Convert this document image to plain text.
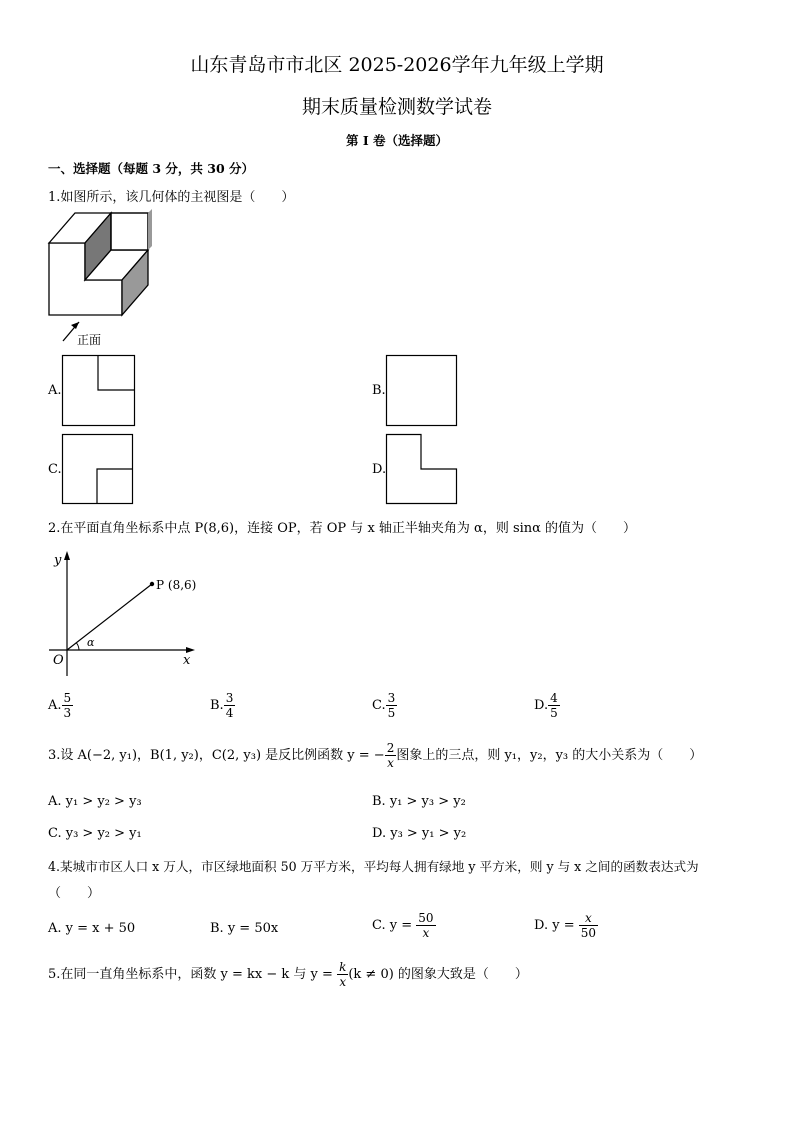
山东青岛市市北区 2025-2026学年九年级上学期
期末质量检测数学试卷
第 I 卷（选择题）
一、选择题（每题 3 分，共 30 分）
1.如图所示，该几何体的主视图是（　　）
正面
A.	B.
C.	D.
2.在平面直角坐标系中点 P(8,6)，连接 OP，若 OP 与 x 轴正半轴夹角为 α，则 sinα 的值为（　　）
y
x
O
P (8,6)
α
A. $\frac{5}{3}$	B. $\frac{3}{4}$	C. $\frac{3}{5}$	D. $\frac{4}{5}$
3.设 A(−2, y₁)，B(1, y₂)，C(2, y₃) 是反比例函数 y = − $\frac{2}{x}$ 图象上的三点，则 y₁，y₂，y₃ 的大小关系为（　　）
A. y₁ > y₂ > y₃	B. y₁ > y₃ > y₂
C. y₃ > y₂ > y₁	D. y₃ > y₁ > y₂
4.某城市市区人口 x 万人，市区绿地面积 50 万平方米，平均每人拥有绿地 y 平方米，则 y 与 x 之间的函数表达式为
（　　）
A. y = x + 50	B. y = 50x	C. $y = \frac{50}{x}$	D. $y = \frac{x}{50}$
5.在同一直角坐标系中，函数 y = kx − k 与 $y = \frac{k}{x} (k \ne 0)$ 的图象大致是（　　）
